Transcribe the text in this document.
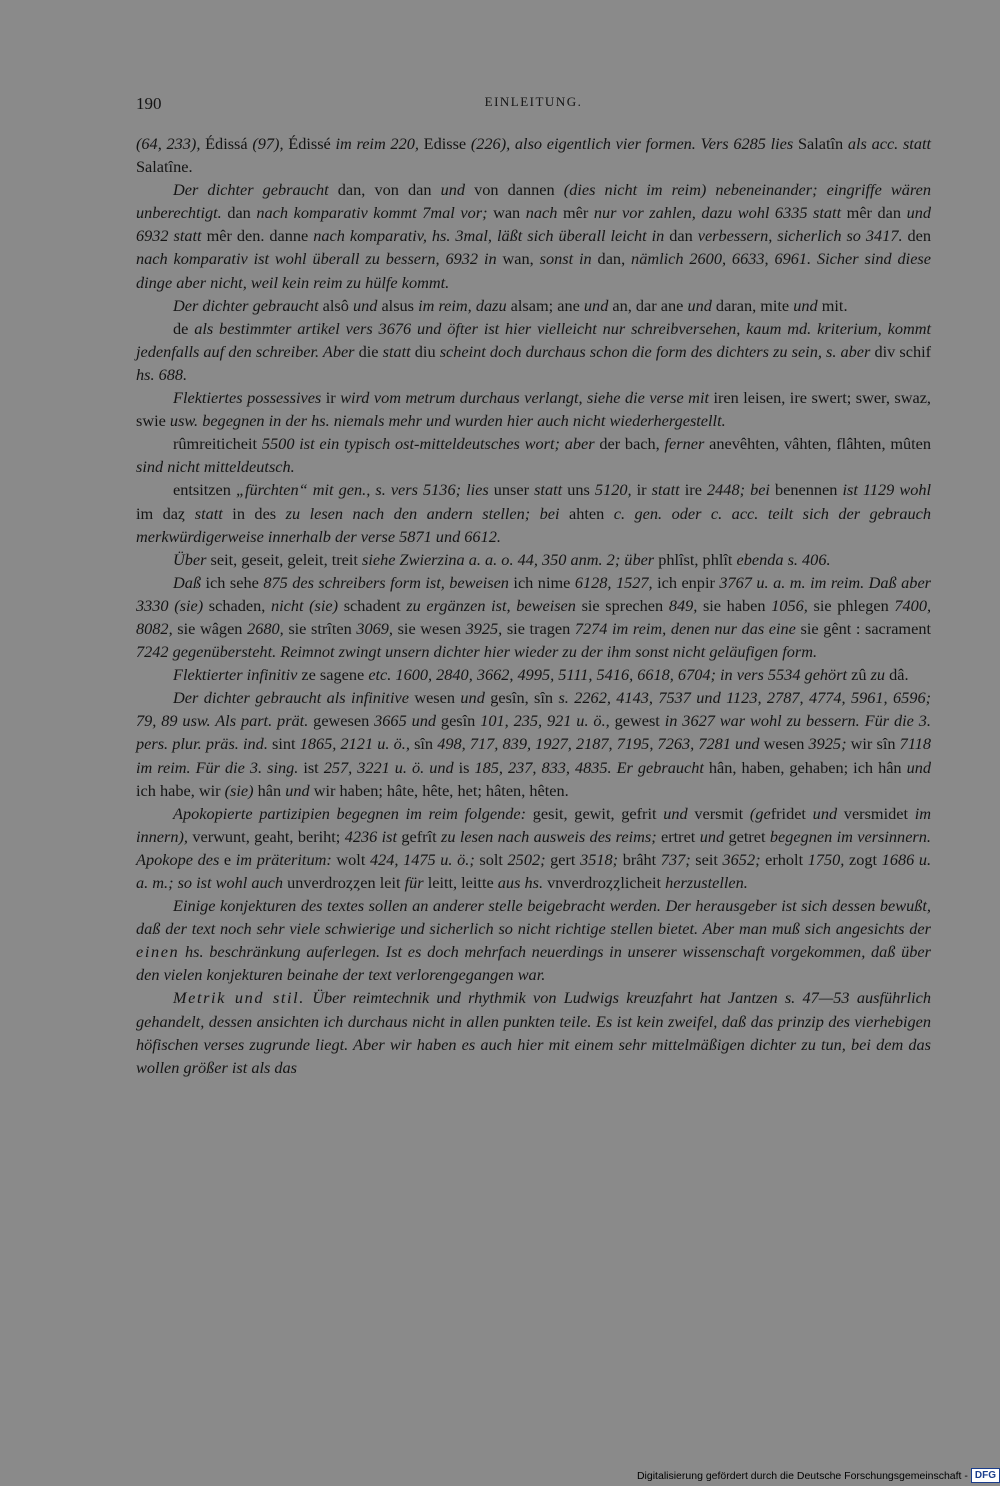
190	EINLEITUNG.

(64, 233), Édissá (97), Édissé im reim 220, Edisse (226), also eigentlich vier formen. Vers 6285 lies Salatîn als acc. statt Salatîne.

Der dichter gebraucht dan, von dan und von dannen (dies nicht im reim) nebeneinander; eingriffe wären unberechtigt. dan nach komparativ kommt 7mal vor; wan nach mêr nur vor zahlen, dazu wohl 6335 statt mêr dan und 6932 statt mêr den. danne nach komparativ, hs. 3mal, läßt sich überall leicht in dan verbessern, sicherlich so 3417. den nach komparativ ist wohl überall zu bessern, 6932 in wan, sonst in dan, nämlich 2600, 6633, 6961. Sicher sind diese dinge aber nicht, weil kein reim zu hülfe kommt.

Der dichter gebraucht alsô und alsus im reim, dazu alsam; ane und an, dar ane und daran, mite und mit.

de als bestimmter artikel vers 3676 und öfter ist hier vielleicht nur schreibversehen, kaum md. kriterium, kommt jedenfalls auf den schreiber. Aber die statt diu scheint doch durchaus schon die form des dichters zu sein, s. aber div schif hs. 688.

Flektiertes possessives ir wird vom metrum durchaus verlangt, siehe die verse mit iren leisen, ire swert; swer, swaz, swie usw. begegnen in der hs. niemals mehr und wurden hier auch nicht wiederhergestellt.

rûmreiticheit 5500 ist ein typisch ost-mitteldeutsches wort; aber der bach, ferner anevêhten, vâhten, flâhten, mûten sind nicht mitteldeutsch.

entsitzen „fürchten“ mit gen., s. vers 5136; lies unser statt uns 5120, ir statt ire 2448; bei benennen ist 1129 wohl im daȥ statt in des zu lesen nach den andern stellen; bei ahten c. gen. oder c. acc. teilt sich der gebrauch merkwürdigerweise innerhalb der verse 5871 und 6612.

Über seit, geseit, geleit, treit siehe Zwierzina a. a. o. 44, 350 anm. 2; über phlîst, phlît ebenda s. 406.

Daß ich sehe 875 des schreibers form ist, beweisen ich nime 6128, 1527, ich enpir 3767 u. a. m. im reim. Daß aber 3330 (sie) schaden, nicht (sie) schadent zu ergänzen ist, beweisen sie sprechen 849, sie haben 1056, sie phlegen 7400, 8082, sie wâgen 2680, sie strîten 3069, sie wesen 3925, sie tragen 7274 im reim, denen nur das eine sie gênt : sacrament 7242 gegenübersteht. Reimnot zwingt unsern dichter hier wieder zu der ihm sonst nicht geläufigen form.

Flektierter infinitiv ze sagene etc. 1600, 2840, 3662, 4995, 5111, 5416, 6618, 6704; in vers 5534 gehört zû zu dâ.

Der dichter gebraucht als infinitive wesen und gesîn, sîn s. 2262, 4143, 7537 und 1123, 2787, 4774, 5961, 6596; 79, 89 usw. Als part. prät. gewesen 3665 und gesîn 101, 235, 921 u. ö., gewest in 3627 war wohl zu bessern. Für die 3. pers. plur. präs. ind. sint 1865, 2121 u. ö., sîn 498, 717, 839, 1927, 2187, 7195, 7263, 7281 und wesen 3925; wir sîn 7118 im reim. Für die 3. sing. ist 257, 3221 u. ö. und is 185, 237, 833, 4835. Er gebraucht hân, haben, gehaben; ich hân und ich habe, wir (sie) hân und wir haben; hâte, hête, het; hâten, hêten.

Apokopierte partizipien begegnen im reim folgende: gesit, gewit, gefrit und versmit (gefridet und versmidet im innern), verwunt, geaht, beriht; 4236 ist gefrît zu lesen nach ausweis des reims; ertret und getret begegnen im versinnern. Apokope des e im präteritum: wolt 424, 1475 u. ö.; solt 2502; gert 3518; brâht 737; seit 3652; erholt 1750, zogt 1686 u. a. m.; so ist wohl auch unverdroȥȥen leit für leitt, leitte aus hs. vnverdroȥȥlicheit herzustellen.

Einige konjekturen des textes sollen an anderer stelle beigebracht werden. Der herausgeber ist sich dessen bewußt, daß der text noch sehr viele schwierige und sicherlich so nicht richtige stellen bietet. Aber man muß sich angesichts der einen hs. beschränkung auferlegen. Ist es doch mehrfach neuerdings in unserer wissenschaft vorgekommen, daß über den vielen konjekturen beinahe der text verlorengegangen war.

Metrik und stil. Über reimtechnik und rhythmik von Ludwigs kreuzfahrt hat Jantzen s. 47—53 ausführlich gehandelt, dessen ansichten ich durchaus nicht in allen punkten teile. Es ist kein zweifel, daß das prinzip des vierhebigen höfischen verses zugrunde liegt. Aber wir haben es auch hier mit einem sehr mittelmäßigen dichter zu tun, bei dem das wollen größer ist als das

Digitalisierung gefördert durch die Deutsche Forschungsgemeinschaft - DFG
